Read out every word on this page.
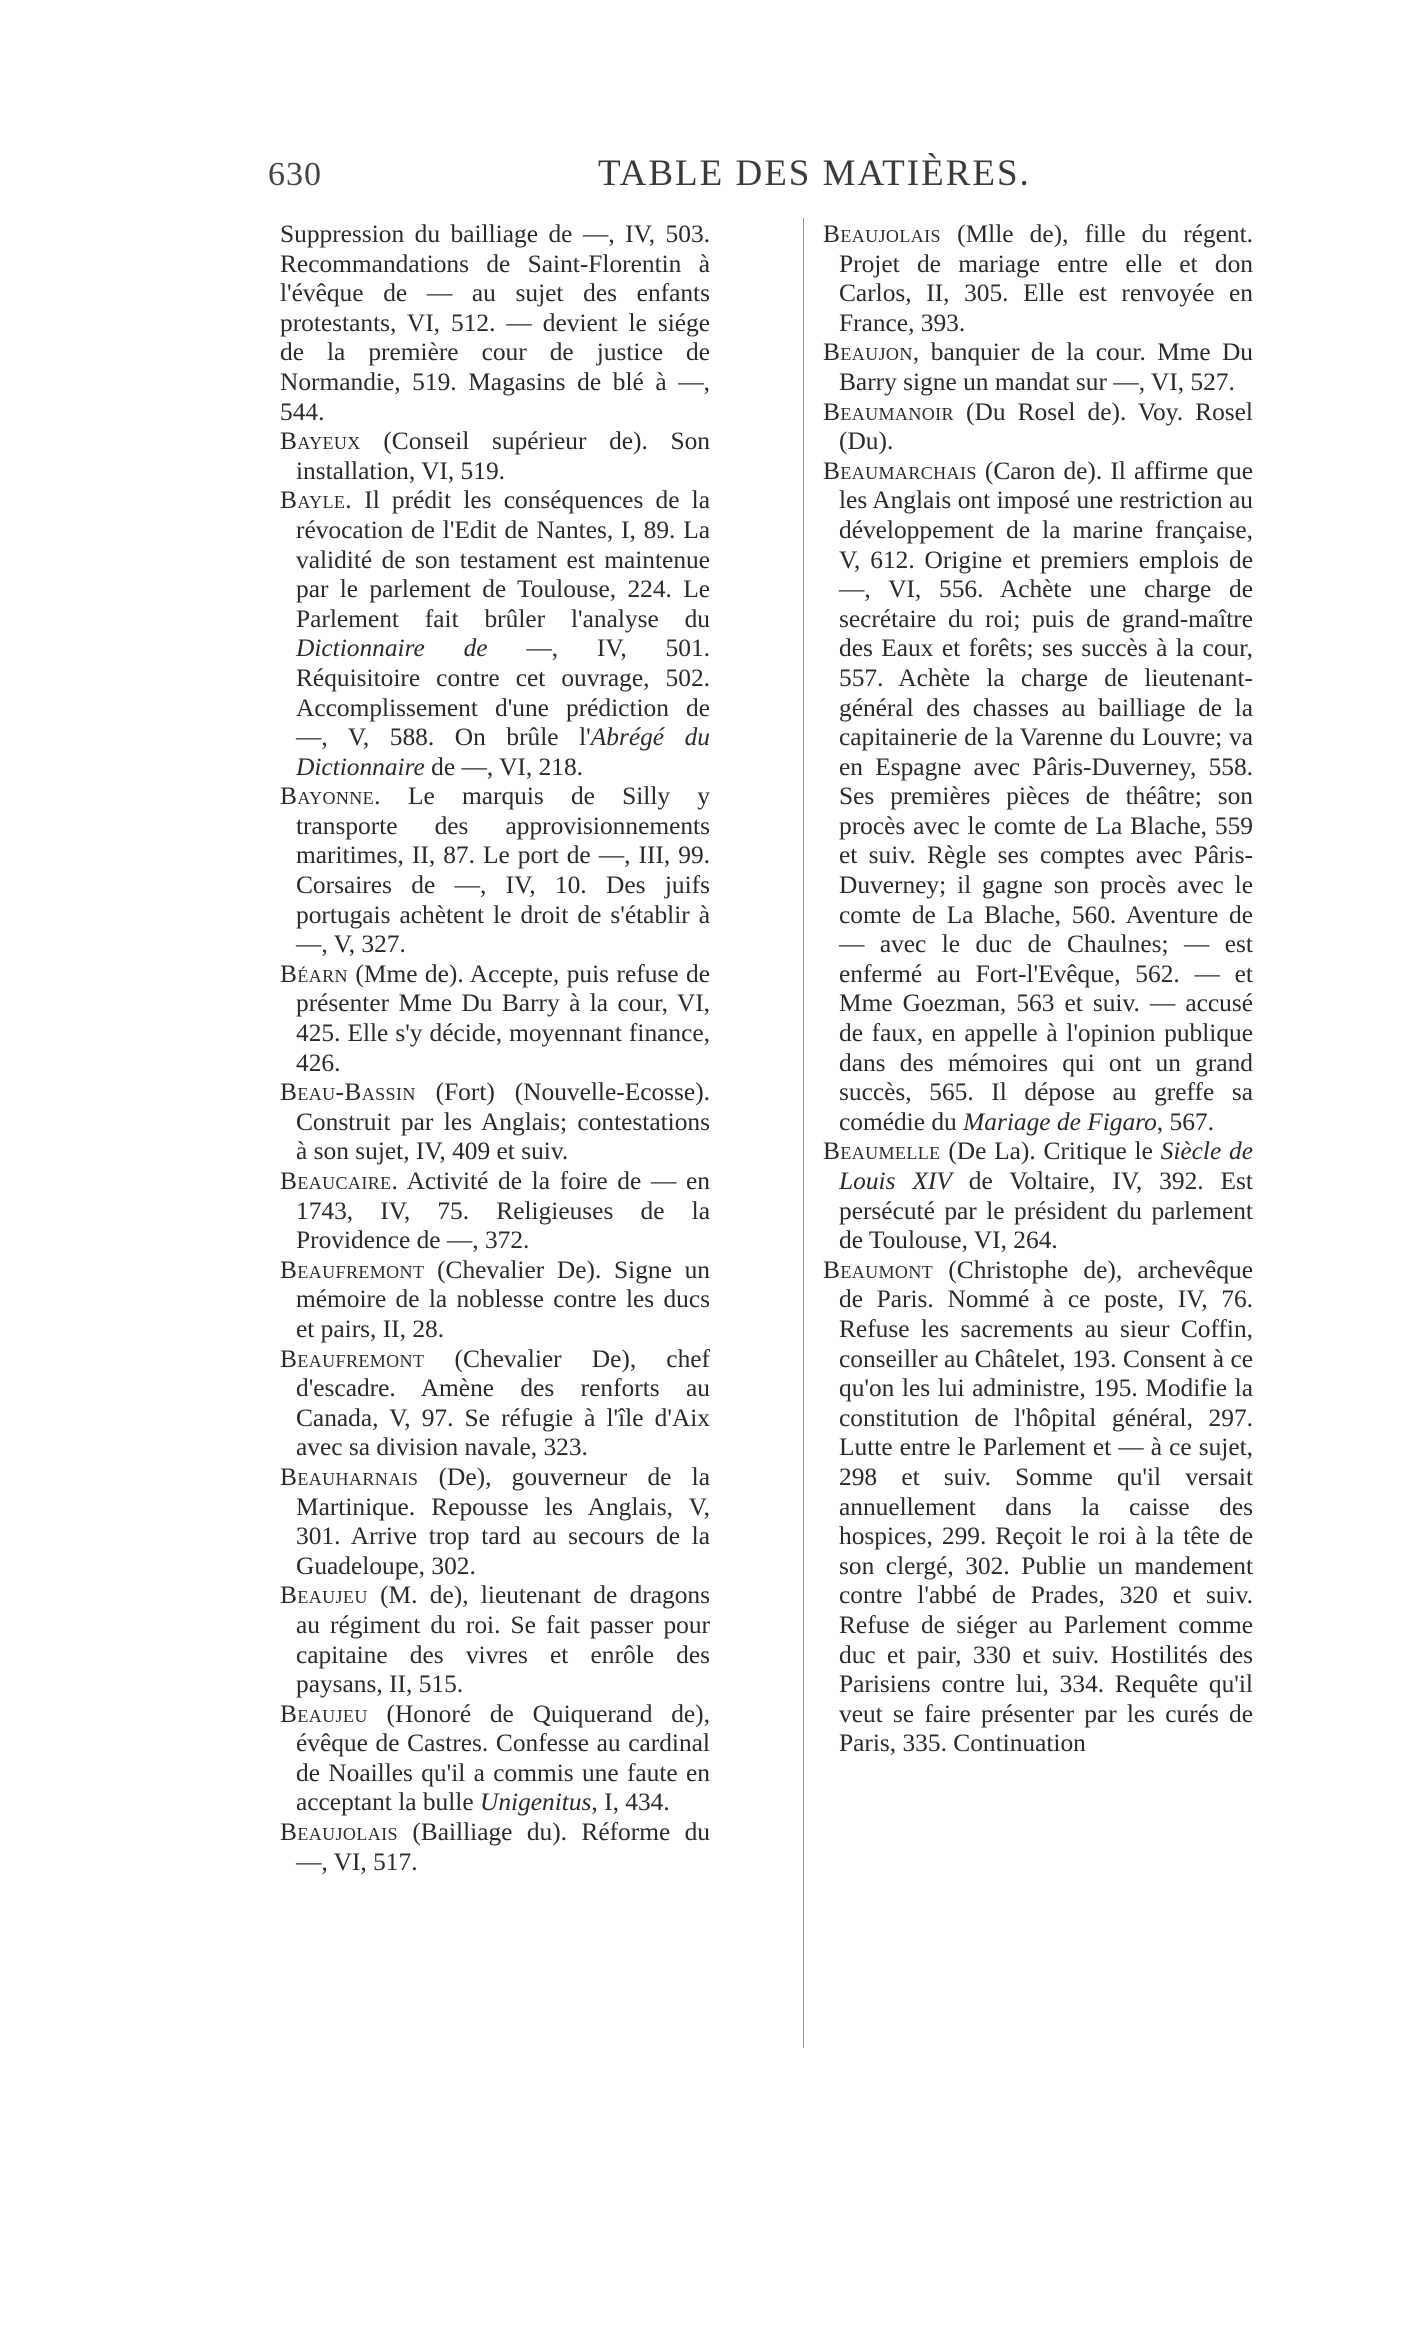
630	TABLE DES MATIÈRES.

Suppression du bailliage de —, IV, 503. Recommandations de Saint-Florentin à l'évêque de — au sujet des enfants protestants, VI, 512. — devient le siége de la première cour de justice de Normandie, 519. Magasins de blé à —, 544.

Bayeux (Conseil supérieur de). Son installation, VI, 519.

Bayle. Il prédit les conséquences de la révocation de l'Edit de Nantes, I, 89. La validité de son testament est maintenue par le parlement de Toulouse, 224. Le Parlement fait brûler l'analyse du Dictionnaire de —, IV, 501. Réquisitoire contre cet ouvrage, 502. Accomplissement d'une prédiction de —, V, 588. On brûle l'Abrégé du Dictionnaire de —, VI, 218.

Bayonne. Le marquis de Silly y transporte des approvisionnements maritimes, II, 87. Le port de —, III, 99. Corsaires de —, IV, 10. Des juifs portugais achètent le droit de s'établir à —, V, 327.

Béarn (Mme de). Accepte, puis refuse de présenter Mme Du Barry à la cour, VI, 425. Elle s'y décide, moyennant finance, 426.

Beau-Bassin (Fort) (Nouvelle-Ecosse). Construit par les Anglais; contestations à son sujet, IV, 409 et suiv.

Beaucaire. Activité de la foire de — en 1743, IV, 75. Religieuses de la Providence de —, 372.

Beaufremont (Chevalier De). Signe un mémoire de la noblesse contre les ducs et pairs, II, 28.

Beaufremont (Chevalier De), chef d'escadre. Amène des renforts au Canada, V, 97. Se réfugie à l'île d'Aix avec sa division navale, 323.

Beauharnais (De), gouverneur de la Martinique. Repousse les Anglais, V, 301. Arrive trop tard au secours de la Guadeloupe, 302.

Beaujeu (M. de), lieutenant de dragons au régiment du roi. Se fait passer pour capitaine des vivres et enrôle des paysans, II, 515.

Beaujeu (Honoré de Quiquerand de), évêque de Castres. Confesse au cardinal de Noailles qu'il a commis une faute en acceptant la bulle Unigenitus, I, 434.

Beaujolais (Bailliage du). Réforme du —, VI, 517.

Beaujolais (Mlle de), fille du régent. Projet de mariage entre elle et don Carlos, II, 305. Elle est renvoyée en France, 393.

Beaujon, banquier de la cour. Mme Du Barry signe un mandat sur —, VI, 527.

Beaumanoir (Du Rosel de). Voy. Rosel (Du).

Beaumarchais (Caron de). Il affirme que les Anglais ont imposé une restriction au développement de la marine française, V, 612. Origine et premiers emplois de —, VI, 556. Achète une charge de secrétaire du roi; puis de grand-maître des Eaux et forêts; ses succès à la cour, 557. Achète la charge de lieutenant-général des chasses au bailliage de la capitainerie de la Varenne du Louvre; va en Espagne avec Pâris-Duverney, 558. Ses premières pièces de théâtre; son procès avec le comte de La Blache, 559 et suiv. Règle ses comptes avec Pâris-Duverney; il gagne son procès avec le comte de La Blache, 560. Aventure de — avec le duc de Chaulnes; — est enfermé au Fort-l'Evêque, 562. — et Mme Goezman, 563 et suiv. — accusé de faux, en appelle à l'opinion publique dans des mémoires qui ont un grand succès, 565. Il dépose au greffe sa comédie du Mariage de Figaro, 567.

Beaumelle (De La). Critique le Siècle de Louis XIV de Voltaire, IV, 392. Est persécuté par le président du parlement de Toulouse, VI, 264.

Beaumont (Christophe de), archevêque de Paris. Nommé à ce poste, IV, 76. Refuse les sacrements au sieur Coffin, conseiller au Châtelet, 193. Consent à ce qu'on les lui administre, 195. Modifie la constitution de l'hôpital général, 297. Lutte entre le Parlement et — à ce sujet, 298 et suiv. Somme qu'il versait annuellement dans la caisse des hospices, 299. Reçoit le roi à la tête de son clergé, 302. Publie un mandement contre l'abbé de Prades, 320 et suiv. Refuse de siéger au Parlement comme duc et pair, 330 et suiv. Hostilités des Parisiens contre lui, 334. Requête qu'il veut se faire présenter par les curés de Paris, 335. Continuation
